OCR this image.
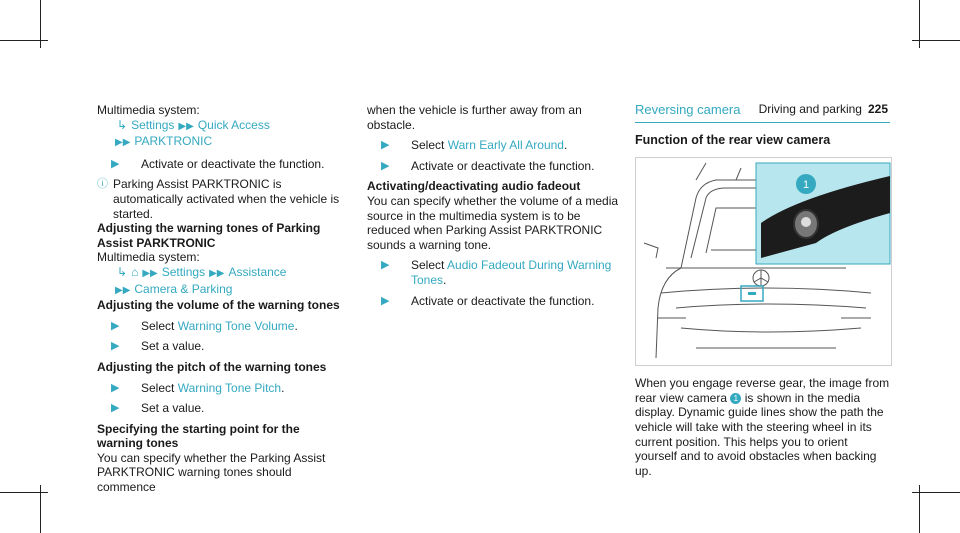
Driving and parking 225

Multimedia system:

↳ Settings ▶▶ Quick Access

▶▶ PARKTRONIC

▶	Activate or deactivate the function.
ⓘ Parking Assist PARKTRONIC is automatically activated when the vehicle is started.

Adjusting the warning tones of Parking Assist PARKTRONIC

Multimedia system:

↳ ⌂ ▶▶ Settings ▶▶ Assistance

▶▶ Camera & Parking

Adjusting the volume of the warning tones

▶	Select Warning Tone Volume.
▶	Set a value.

Adjusting the pitch of the warning tones

▶	Select Warning Tone Pitch.
▶	Set a value.

Specifying the starting point for the warning tones

You can specify whether the Parking Assist PARKTRONIC warning tones should commence

when the vehicle is further away from an obstacle.

▶	Select Warn Early All Around.
▶	Activate or deactivate the function.

Activating/deactivating audio fadeout

You can specify whether the volume of a media source in the multimedia system is to be reduced when Parking Assist PARKTRONIC sounds a warning tone.

▶	Select Audio Fadeout During Warning Tones.
▶	Activate or deactivate the function.
Reversing camera
Function of the rear view camera
1

When you engage reverse gear, the image from rear view camera 1 is shown in the media display. Dynamic guide lines show the path the vehicle will take with the steering wheel in its current position. This helps you to orient yourself and to avoid obstacles when backing up.
